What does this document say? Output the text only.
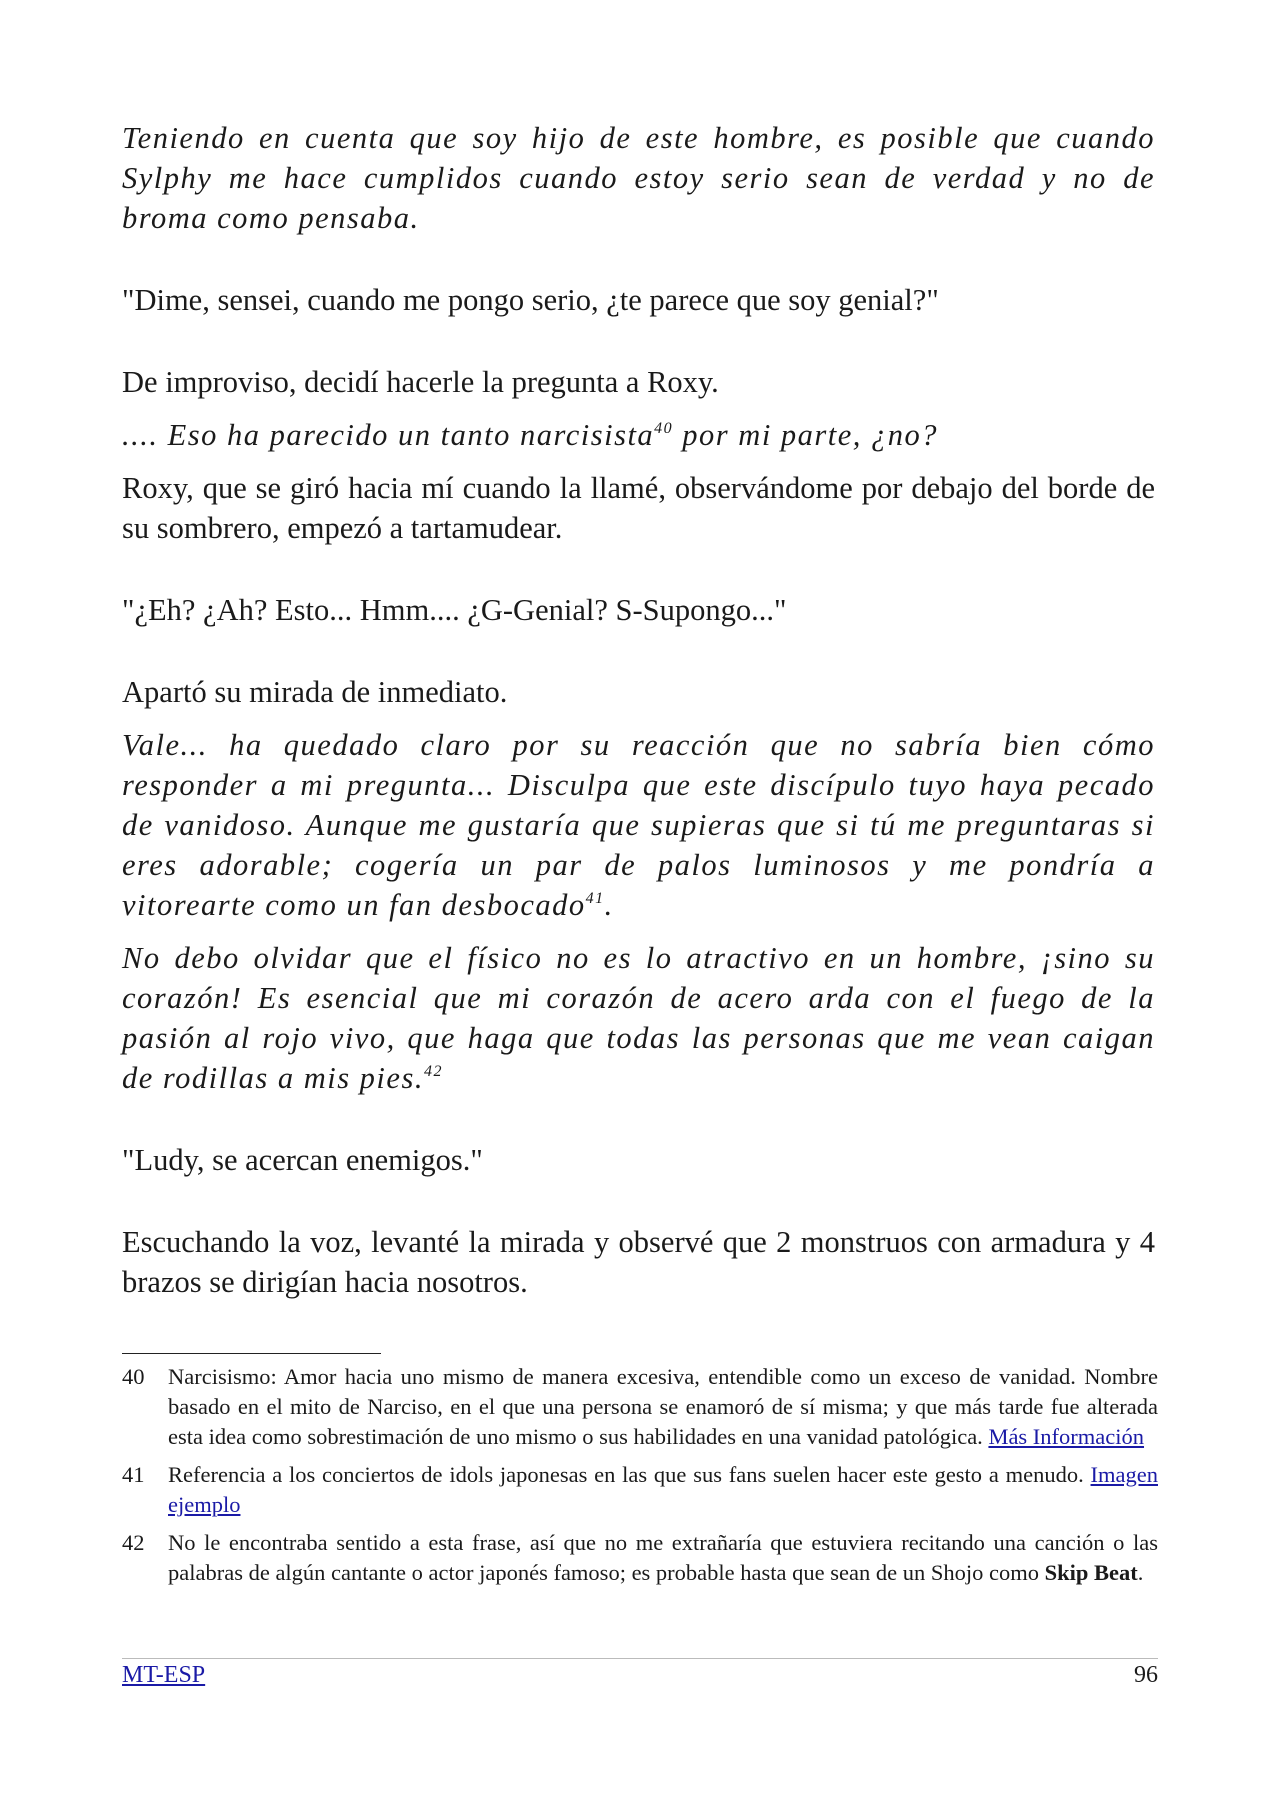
Teniendo en cuenta que soy hijo de este hombre, es posible que cuando Sylphy me hace cumplidos cuando estoy serio sean de verdad y no de broma como pensaba.

"Dime, sensei, cuando me pongo serio, ¿te parece que soy genial?"

De improviso, decidí hacerle la pregunta a Roxy.

.... Eso ha parecido un tanto narcisista$^{40}$ por mi parte, ¿no?

Roxy, que se giró hacia mí cuando la llamé, observándome por debajo del borde de su sombrero, empezó a tartamudear.

"¿Eh? ¿Ah? Esto... Hmm.... ¿G-Genial? S-Supongo..."

Apartó su mirada de inmediato.

Vale... ha quedado claro por su reacción que no sabría bien cómo responder a mi pregunta... Disculpa que este discípulo tuyo haya pecado de vanidoso. Aunque me gustaría que supieras que si tú me preguntaras si eres adorable; cogería un par de palos luminosos y me pondría a vitorearte como un fan desbocado$^{41}$.

No debo olvidar que el físico no es lo atractivo en un hombre, ¡sino su corazón! Es esencial que mi corazón de acero arda con el fuego de la pasión al rojo vivo, que haga que todas las personas que me vean caigan de rodillas a mis pies.$^{42}$

"Ludy, se acercan enemigos."

Escuchando la voz, levanté la mirada y observé que 2 monstruos con armadura y 4 brazos se dirigían hacia nosotros.

40	Narcisismo: Amor hacia uno mismo de manera excesiva, entendible como un exceso de vanidad. Nombre basado en el mito de Narciso, en el que una persona se enamoró de sí misma; y que más tarde fue alterada esta idea como sobrestimación de uno mismo o sus habilidades en una vanidad patológica. Más Información
41	Referencia a los conciertos de idols japonesas en las que sus fans suelen hacer este gesto a menudo. Imagen ejemplo
42	No le encontraba sentido a esta frase, así que no me extrañaría que estuviera recitando una canción o las palabras de algún cantante o actor japonés famoso; es probable hasta que sean de un Shojo como Skip Beat.
MT-ESP	96
